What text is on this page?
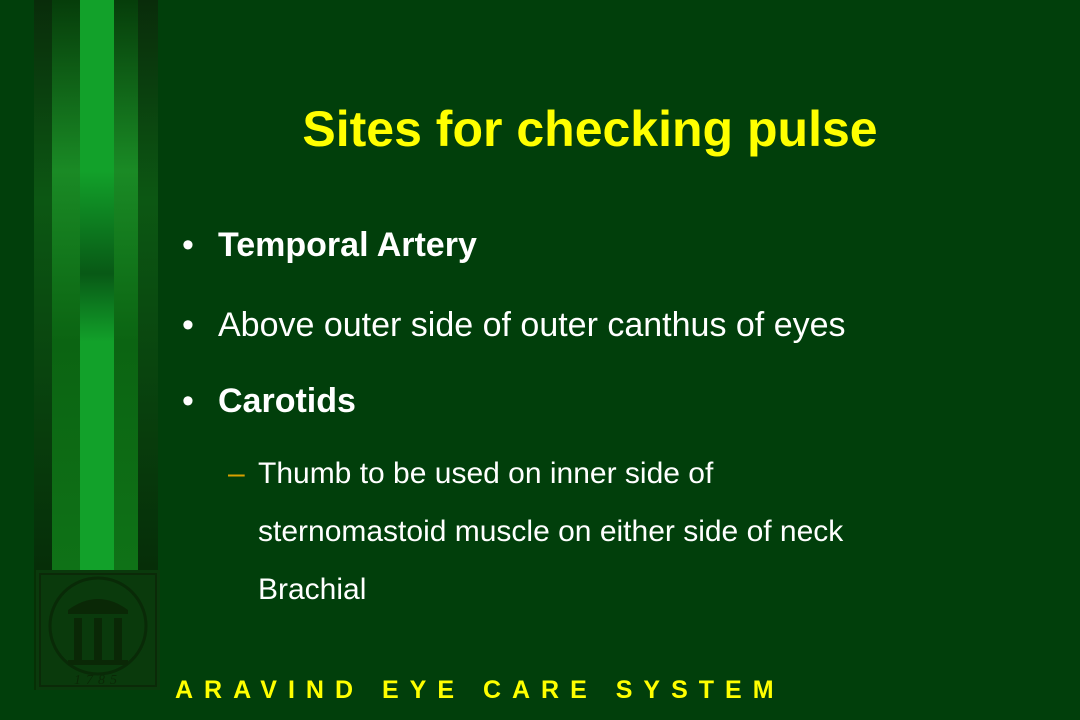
1785
Sites for checking pulse
• Temporal Artery
• Above outer side of outer canthus of eyes
• Carotids
– Thumb to be used on inner side of
sternomastoid muscle on either side of neck
Brachial
ARAVIND EYE CARE SYSTEM
